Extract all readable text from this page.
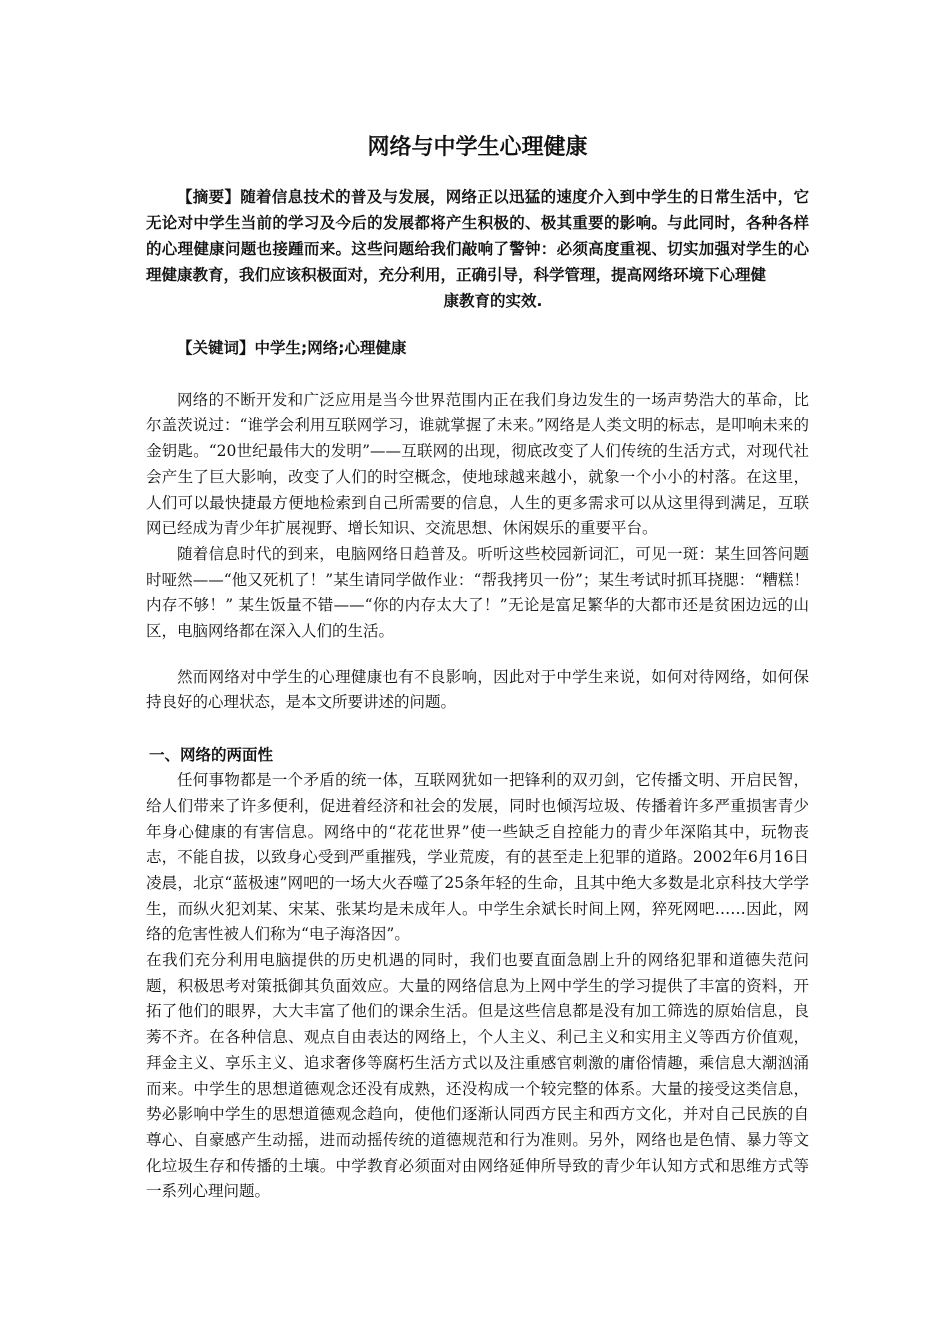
网络与中学生心理健康

【摘要】随着信息技术的普及与发展，网络正以迅猛的速度介入到中学生的日常生活中，它无论对中学生当前的学习及今后的发展都将产生积极的、极其重要的影响。与此同时，各种各样的心理健康问题也接踵而来。这些问题给我们敲响了警钟：必须高度重视、切实加强对学生的心理健康教育，我们应该积极面对，充分利用，正确引导，科学管理，提高网络环境下心理健
康教育的实效.

【关键词】中学生;网络;心理健康

网络的不断开发和广泛应用是当今世界范围内正在我们身边发生的一场声势浩大的革命，比尔盖茨说过：“谁学会利用互联网学习，谁就掌握了未来。”网络是人类文明的标志，是叩响未来的金钥匙。“20世纪最伟大的发明”——互联网的出现，彻底改变了人们传统的生活方式，对现代社会产生了巨大影响，改变了人们的时空概念，使地球越来越小，就象一个小小的村落。在这里，人们可以最快捷最方便地检索到自己所需要的信息，人生的更多需求可以从这里得到满足，互联网已经成为青少年扩展视野、增长知识、交流思想、休闲娱乐的重要平台。

随着信息时代的到来，电脑网络日趋普及。听听这些校园新词汇，可见一斑：某生回答问题时哑然——“他又死机了！”某生请同学做作业：“帮我拷贝一份”；某生考试时抓耳挠腮：“糟糕！内存不够！” 某生饭量不错——“你的内存太大了！”无论是富足繁华的大都市还是贫困边远的山区，电脑网络都在深入人们的生活。

然而网络对中学生的心理健康也有不良影响，因此对于中学生来说，如何对待网络，如何保持良好的心理状态，是本文所要讲述的问题。

一、网络的两面性

任何事物都是一个矛盾的统一体，互联网犹如一把锋利的双刃剑，它传播文明、开启民智，给人们带来了许多便利，促进着经济和社会的发展，同时也倾泻垃圾、传播着许多严重损害青少年身心健康的有害信息。网络中的“花花世界”使一些缺乏自控能力的青少年深陷其中，玩物丧志，不能自拔，以致身心受到严重摧残，学业荒废，有的甚至走上犯罪的道路。2002年6月16日凌晨，北京“蓝极速”网吧的一场大火吞噬了25条年轻的生命，且其中绝大多数是北京科技大学学生，而纵火犯刘某、宋某、张某均是未成年人。中学生余斌长时间上网，猝死网吧……因此，网络的危害性被人们称为“电子海洛因”。

在我们充分利用电脑提供的历史机遇的同时，我们也要直面急剧上升的网络犯罪和道德失范问题，积极思考对策抵御其负面效应。大量的网络信息为上网中学生的学习提供了丰富的资料，开拓了他们的眼界，大大丰富了他们的课余生活。但是这些信息都是没有加工筛选的原始信息，良莠不齐。在各种信息、观点自由表达的网络上，个人主义、利己主义和实用主义等西方价值观，拜金主义、享乐主义、追求奢侈等腐朽生活方式以及注重感官刺激的庸俗情趣，乘信息大潮汹涌而来。中学生的思想道德观念还没有成熟，还没构成一个较完整的体系。大量的接受这类信息，势必影响中学生的思想道德观念趋向，使他们逐渐认同西方民主和西方文化，并对自己民族的自尊心、自豪感产生动摇，进而动摇传统的道德规范和行为准则。另外，网络也是色情、暴力等文化垃圾生存和传播的土壤。中学教育必须面对由网络延伸所导致的青少年认知方式和思维方式等一系列心理问题。
